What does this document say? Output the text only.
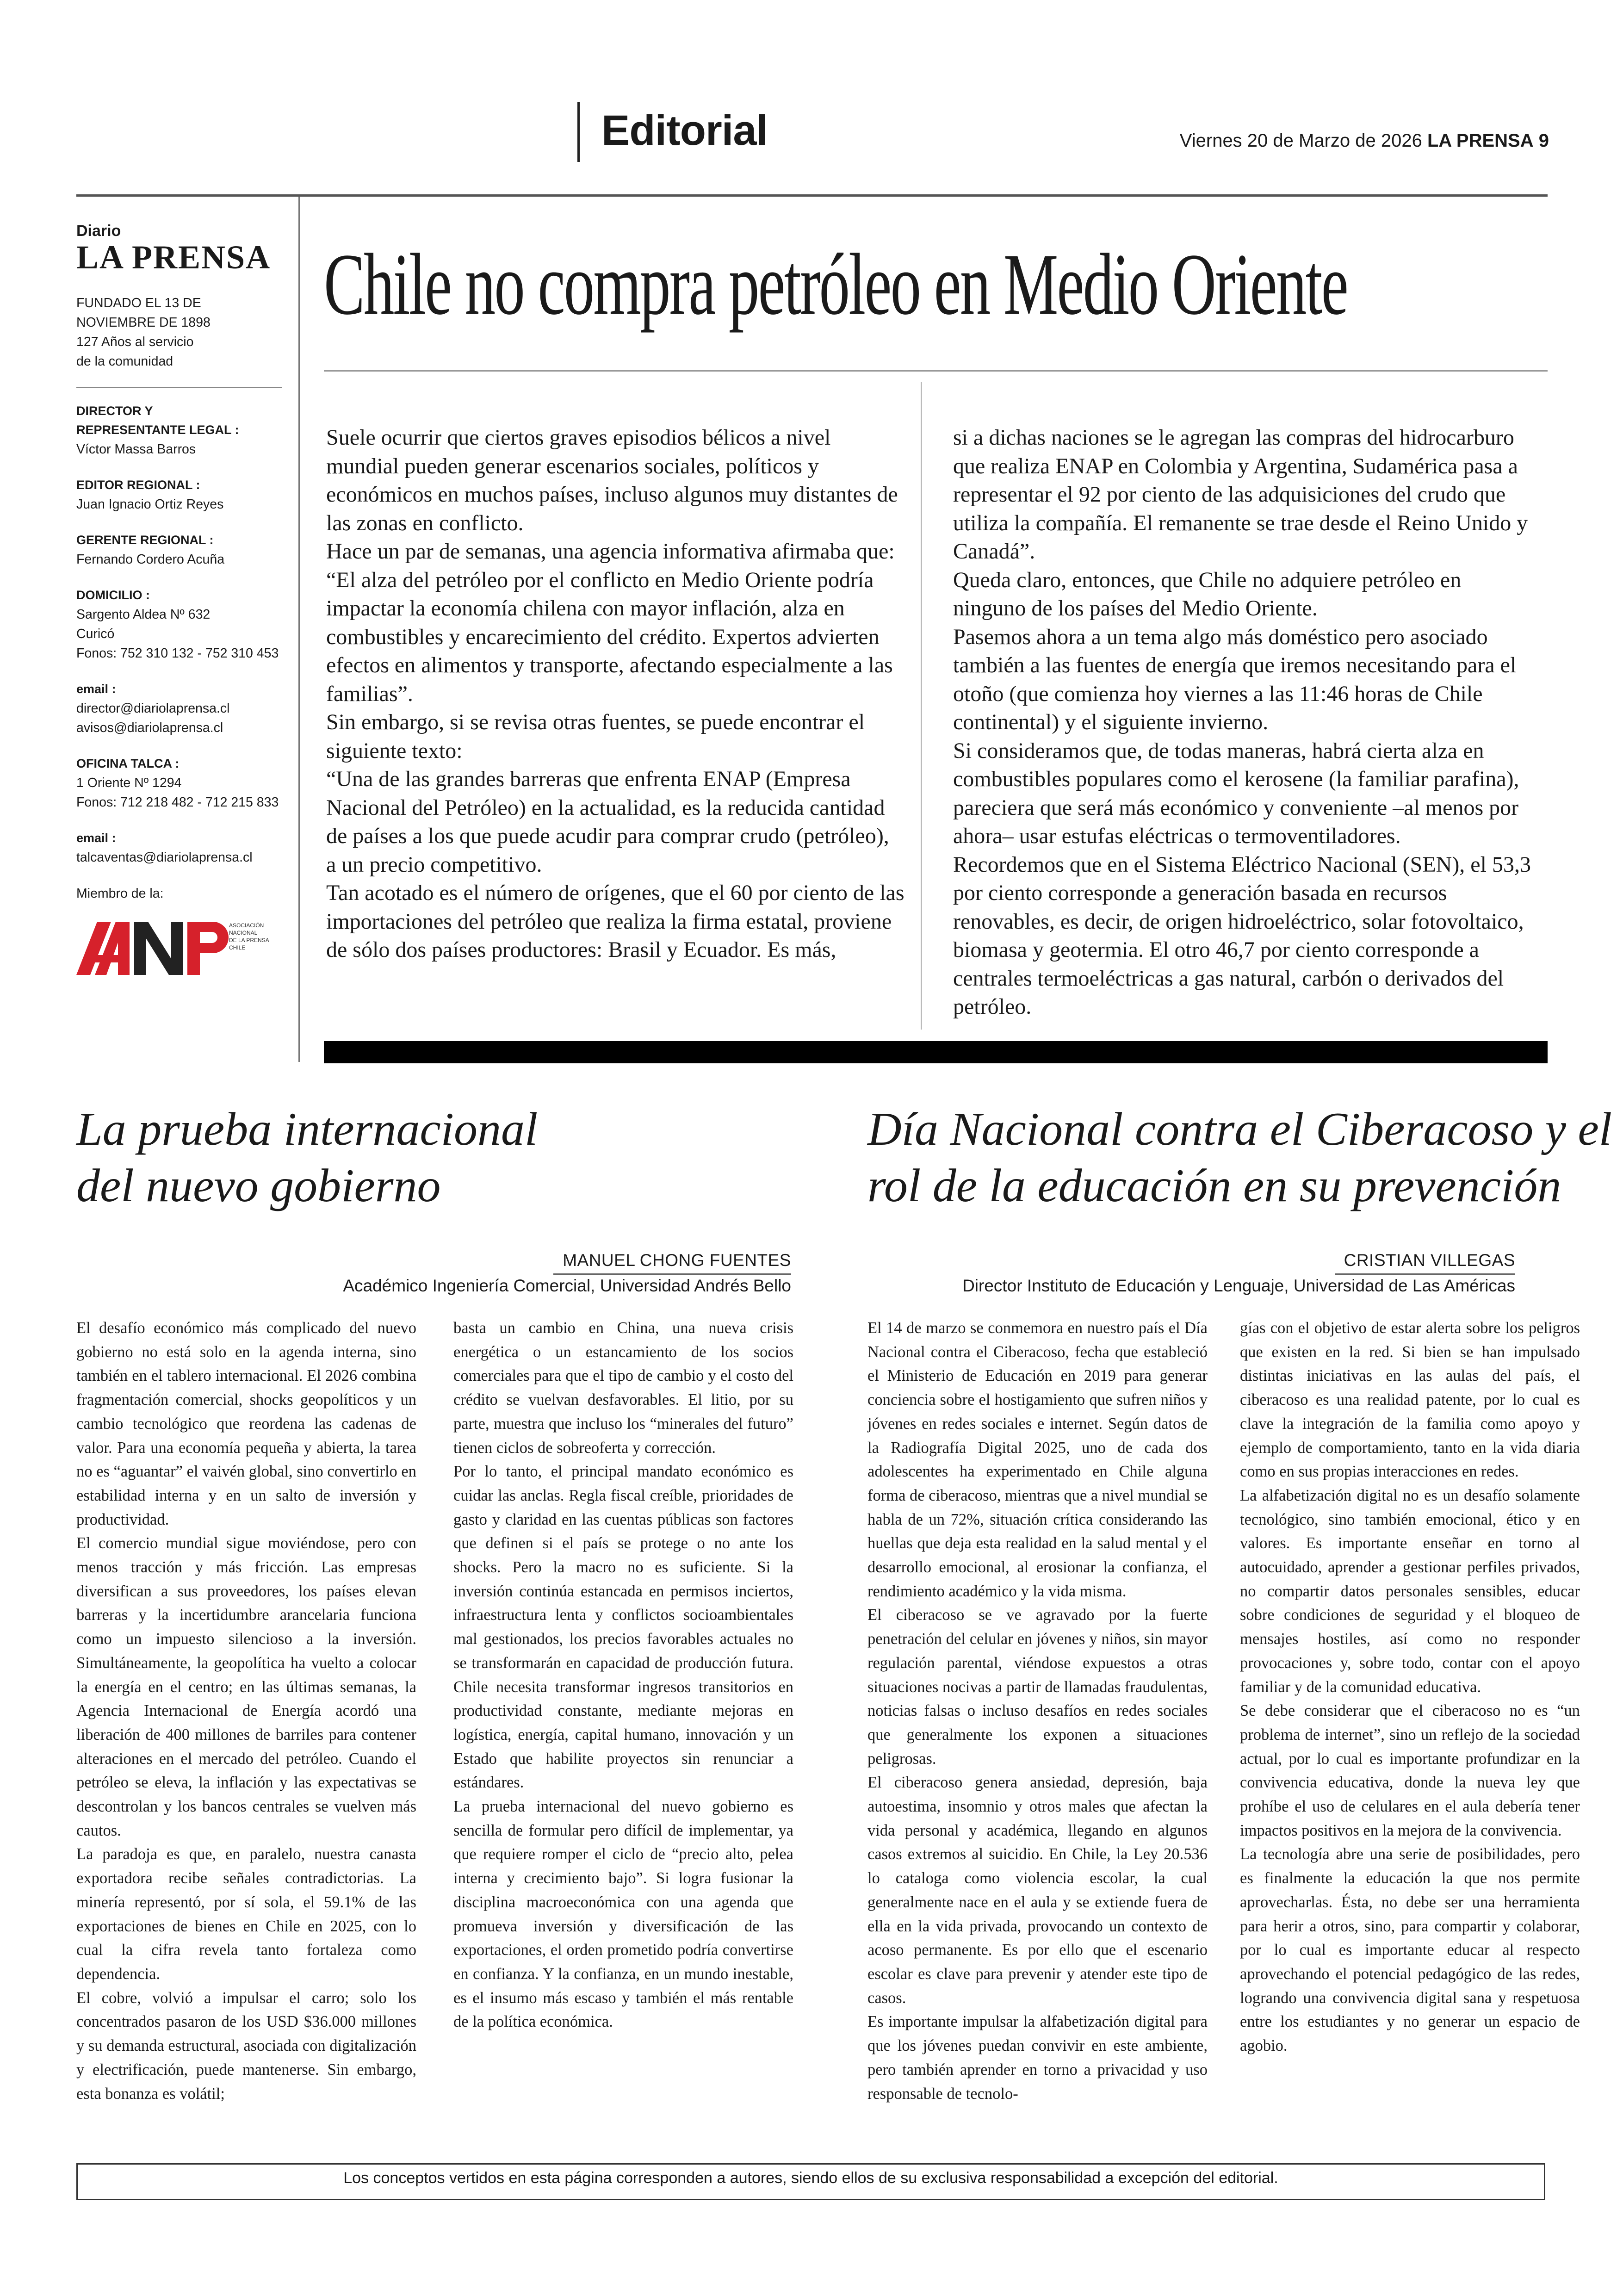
Editorial	Viernes 20 de Marzo de 2026 LA PRENSA 9
Diario
LA PRENSA
FUNDADO EL 13 DE
NOVIEMBRE DE 1898
127 Años al servicio
de la comunidad
DIRECTOR Y
REPRESENTANTE LEGAL :
Víctor Massa Barros
EDITOR REGIONAL :
Juan Ignacio Ortiz Reyes
GERENTE REGIONAL :
Fernando Cordero Acuña
DOMICILIO :
Sargento Aldea Nº 632
Curicó
Fonos: 752 310 132 - 752 310 453
email :
director@diariolaprensa.cl
avisos@diariolaprensa.cl
OFICINA TALCA :
1 Oriente Nº 1294
Fonos: 712 218 482 - 712 215 833
email :
talcaventas@diariolaprensa.cl
Miembro de la:
ASOCIACIÓN
NACIONAL
DE LA PRENSA
CHILE
Chile no compra petróleo en Medio Oriente

Suele ocurrir que ciertos graves episodios bélicos a nivel mundial pueden generar escenarios sociales, políticos y económicos en muchos países, incluso algunos muy distantes de las zonas en conflicto.

Hace un par de semanas, una agencia informativa afirmaba que:

“El alza del petróleo por el conflicto en Medio Oriente podría impactar la economía chilena con mayor inflación, alza en combustibles y encarecimiento del crédito. Expertos advierten efectos en alimentos y transporte, afectando especialmente a las familias”.

Sin embargo, si se revisa otras fuentes, se puede encontrar el siguiente texto:

“Una de las grandes barreras que enfrenta ENAP (Empresa Nacional del Petróleo) en la actualidad, es la reducida cantidad de países a los que puede acudir para comprar crudo (petróleo), a un precio competitivo.

Tan acotado es el número de orígenes, que el 60 por ciento de las importaciones del petróleo que realiza la firma estatal, proviene de sólo dos países productores: Brasil y Ecuador. Es más,

si a dichas naciones se le agregan las compras del hidrocarburo que realiza ENAP en Colombia y Argentina, Sudamérica pasa a representar el 92 por ciento de las adquisiciones del crudo que utiliza la compañía. El remanente se trae desde el Reino Unido y Canadá”.

Queda claro, entonces, que Chile no adquiere petróleo en ninguno de los países del Medio Oriente.

Pasemos ahora a un tema algo más doméstico pero asociado también a las fuentes de energía que iremos necesitando para el otoño (que comienza hoy viernes a las 11:46 horas de Chile continental) y el siguiente invierno.

Si consideramos que, de todas maneras, habrá cierta alza en combustibles populares como el kerosene (la familiar parafina), pareciera que será más económico y conveniente –al menos por ahora– usar estufas eléctricas o termoventiladores.

Recordemos que en el Sistema Eléctrico Nacional (SEN), el 53,3 por ciento corresponde a generación basada en recursos renovables, es decir, de origen hidroeléctrico, solar fotovoltaico, biomasa y geotermia. El otro 46,7 por ciento corresponde a centrales termoeléctricas a gas natural, carbón o derivados del petróleo.

La prueba internacional
del nuevo gobierno
MANUEL CHONG FUENTES
Académico Ingeniería Comercial, Universidad Andrés Bello

El desafío económico más complicado del nuevo gobierno no está solo en la agenda interna, sino también en el tablero internacional. El 2026 combina fragmentación comercial, shocks geopolíticos y un cambio tecnológico que reordena las cadenas de valor. Para una economía pequeña y abierta, la tarea no es “aguantar” el vaivén global, sino convertirlo en estabilidad interna y en un salto de inversión y productividad.

El comercio mundial sigue moviéndose, pero con menos tracción y más fricción. Las empresas diversifican a sus proveedores, los países elevan barreras y la incertidumbre arancelaria funciona como un impuesto silencioso a la inversión. Simultáneamente, la geopolítica ha vuelto a colocar la energía en el centro; en las últimas semanas, la Agencia Internacional de Energía acordó una liberación de 400 millones de barriles para contener alteraciones en el mercado del petróleo. Cuando el petróleo se eleva, la inflación y las expectativas se descontrolan y los bancos centrales se vuelven más cautos.

La paradoja es que, en paralelo, nuestra canasta exportadora recibe señales contradictorias. La minería representó, por sí sola, el 59.1% de las exportaciones de bienes en Chile en 2025, con lo cual la cifra revela tanto fortaleza como dependencia.

El cobre, volvió a impulsar el carro; solo los concentrados pasaron de los USD $36.000 millones y su demanda estructural, asociada con digitalización y electrificación, puede mantenerse. Sin embargo, esta bonanza es volátil;

basta un cambio en China, una nueva crisis energética o un estancamiento de los socios comerciales para que el tipo de cambio y el costo del crédito se vuelvan desfavorables. El litio, por su parte, muestra que incluso los “minerales del futuro” tienen ciclos de sobreoferta y corrección.

Por lo tanto, el principal mandato económico es cuidar las anclas. Regla fiscal creíble, prioridades de gasto y claridad en las cuentas públicas son factores que definen si el país se protege o no ante los shocks. Pero la macro no es suficiente. Si la inversión continúa estancada en permisos inciertos, infraestructura lenta y conflictos socioambientales mal gestionados, los precios favorables actuales no se transformarán en capacidad de producción futura. Chile necesita transformar ingresos transitorios en productividad constante, mediante mejoras en logística, energía, capital humano, innovación y un Estado que habilite proyectos sin renunciar a estándares.

La prueba internacional del nuevo gobierno es sencilla de formular pero difícil de implementar, ya que requiere romper el ciclo de “precio alto, pelea interna y crecimiento bajo”. Si logra fusionar la disciplina macroeconómica con una agenda que promueva inversión y diversificación de las exportaciones, el orden prometido podría convertirse en confianza. Y la confianza, en un mundo inestable, es el insumo más escaso y también el más rentable de la política económica.

Día Nacional contra el Ciberacoso y el
rol de la educación en su prevención
CRISTIAN VILLEGAS
Director Instituto de Educación y Lenguaje, Universidad de Las Américas

El 14 de marzo se conmemora en nuestro país el Día Nacional contra el Ciberacoso, fecha que estableció el Ministerio de Educación en 2019 para generar conciencia sobre el hostigamiento que sufren niños y jóvenes en redes sociales e internet. Según datos de la Radiografía Digital 2025, uno de cada dos adolescentes ha experimentado en Chile alguna forma de ciberacoso, mientras que a nivel mundial se habla de un 72%, situación crítica considerando las huellas que deja esta realidad en la salud mental y el desarrollo emocional, al erosionar la confianza, el rendimiento académico y la vida misma.

El ciberacoso se ve agravado por la fuerte penetración del celular en jóvenes y niños, sin mayor regulación parental, viéndose expuestos a otras situaciones nocivas a partir de llamadas fraudulentas, noticias falsas o incluso desafíos en redes sociales que generalmente los exponen a situaciones peligrosas.

El ciberacoso genera ansiedad, depresión, baja autoestima, insomnio y otros males que afectan la vida personal y académica, llegando en algunos casos extremos al suicidio. En Chile, la Ley 20.536 lo cataloga como violencia escolar, la cual generalmente nace en el aula y se extiende fuera de ella en la vida privada, provocando un contexto de acoso permanente. Es por ello que el escenario escolar es clave para prevenir y atender este tipo de casos.

Es importante impulsar la alfabetización digital para que los jóvenes puedan convivir en este ambiente, pero también aprender en torno a privacidad y uso responsable de tecnolo-

gías con el objetivo de estar alerta sobre los peligros que existen en la red. Si bien se han impulsado distintas iniciativas en las aulas del país, el ciberacoso es una realidad patente, por lo cual es clave la integración de la familia como apoyo y ejemplo de comportamiento, tanto en la vida diaria como en sus propias interacciones en redes.

La alfabetización digital no es un desafío solamente tecnológico, sino también emocional, ético y en valores. Es importante enseñar en torno al autocuidado, aprender a gestionar perfiles privados, no compartir datos personales sensibles, educar sobre condiciones de seguridad y el bloqueo de mensajes hostiles, así como no responder provocaciones y, sobre todo, contar con el apoyo familiar y de la comunidad educativa.

Se debe considerar que el ciberacoso no es “un problema de internet”, sino un reflejo de la sociedad actual, por lo cual es importante profundizar en la convivencia educativa, donde la nueva ley que prohíbe el uso de celulares en el aula debería tener impactos positivos en la mejora de la convivencia.

La tecnología abre una serie de posibilidades, pero es finalmente la educación la que nos permite aprovecharlas. Ésta, no debe ser una herramienta para herir a otros, sino, para compartir y colaborar, por lo cual es importante educar al respecto aprovechando el potencial pedagógico de las redes, logrando una convivencia digital sana y respetuosa entre los estudiantes y no generar un espacio de agobio.

Los conceptos vertidos en esta página corresponden a autores, siendo ellos de su exclusiva responsabilidad a excepción del editorial.
